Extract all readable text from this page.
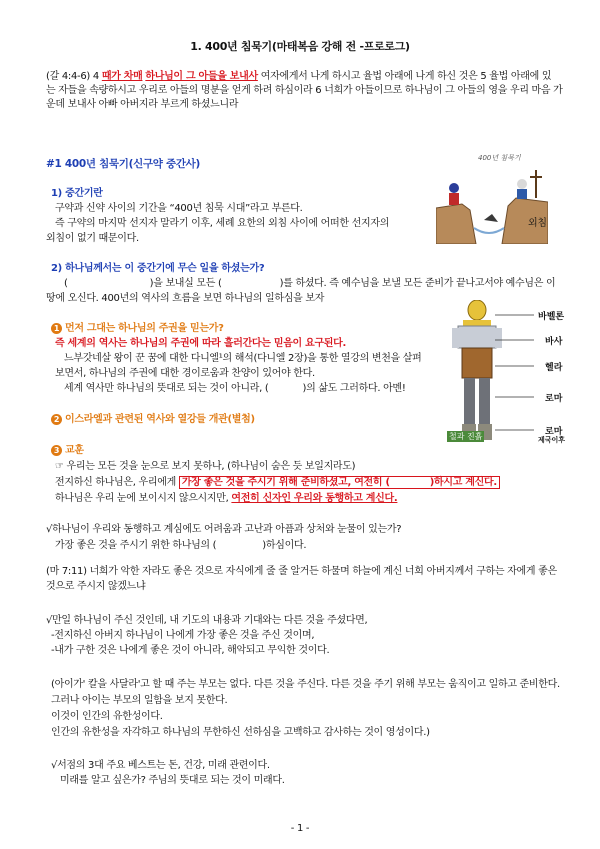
1. 400년 침묵기(마태복음 강해 전 -프로로그)
(갈 4:4-6) 4 때가 차매 하나님이 그 아들을 보내사 여자에게서 나게 하시고 율법 아래에 나게 하신 것은 5 율법 아래에 있
는 자들을 속량하시고 우리로 아들의 명분을 얻게 하려 하심이라 6 너희가 아들이므로 하나님이 그 아들의 영을 우리 마음 가
운데 보내사 아빠 아버지라 부르게 하셨느니라
#1 400년 침묵기(신구약 중간사)	400년 침묵기
1) 중간기란
구약과 신약 사이의 기간을 “400년 침묵 시대”라고 부른다.
즉 구약의 마지막 선지자 말라기 이후, 세례 요한의 외침 사이에 어떠한 선지자의	외침
외침이 없기 때문이다.
2) 하나님께서는 이 중간기에 무슨 일을 하셨는가?
(	)을 보내실 모든 (	)를 하셨다. 즉 예수님을 보낼 모든 준비가 끝나고서야 예수님은 이
땅에 오신다. 400년의 역사의 흐름을 보면 하나님의 일하심을 보자
철과 진흙
바벨론
바사
헬라
로마
로마
제국이후
1 먼저 그대는 하나님의 주권을 믿는가?
즉 세계의 역사는 하나님의 주권에 따라 흘러간다는 믿음이 요구된다.
느부갓네살 왕이 꾼 꿈에 대한 다니엘¹의 해석(다니엘 2장)을 통한 열강의 변천을 살펴
보면서, 하나님의 주권에 대한 경이로움과 찬양이 있어야 한다.
세계 역사만 하나님의 뜻대로 되는 것이 아니라, (	)의 삶도 그러하다. 아멘!
2 이스라엘과 관련된 역사와 열강들 개관(별첨)
3 교훈
☞ 우리는 모든 것을 눈으로 보지 못하나, (하나님이 숨은 듯 보일지라도)
전지하신 하나님은, 우리에게 가장 좋은 것을 주시기 위해 준비하셨고, 여전히 (	)하시고 계신다.
하나님은 우리 눈에 보이시지 않으시지만, 여전히 신자인 우리와 동행하고 계신다.
√하나님이 우리와 동행하고 계심에도 어려움과 고난과 아픔과 상처와 눈물이 있는가?
가장 좋은 것을 주시기 위한 하나님의 (	)하심이다.
(마 7:11) 너희가 악한 자라도 좋은 것으로 자식에게 줄 줄 알거든 하물며 하늘에 계신 너희 아버지께서 구하는 자에게 좋은
것으로 주시지 않겠느냐
√만일 하나님이 주신 것인데, 내 기도의 내용과 기대와는 다른 것을 주셨다면,
-전지하신 아버지 하나님이 나에게 가장 좋은 것을 주신 것이며,
-내가 구한 것은 나에게 좋은 것이 아니라, 해악되고 무익한 것이다.
(아이가' 칼을 사달라'고 할 때 주는 부모는 없다. 다른 것을 주신다. 다른 것을 주기 위해 부모는 움직이고 일하고 준비한다.
그러나 아이는 부모의 일함을 보지 못한다.
이것이 인간의 유한성이다.
인간의 유한성을 자각하고 하나님의 무한하신 선하심을 고백하고 감사하는 것이 영성이다.)
√서점의 3대 주요 베스트는 돈, 건강, 미래 관련이다.
미래를 알고 싶은가? 주님의 뜻대로 되는 것이 미래다.
- 1 -
